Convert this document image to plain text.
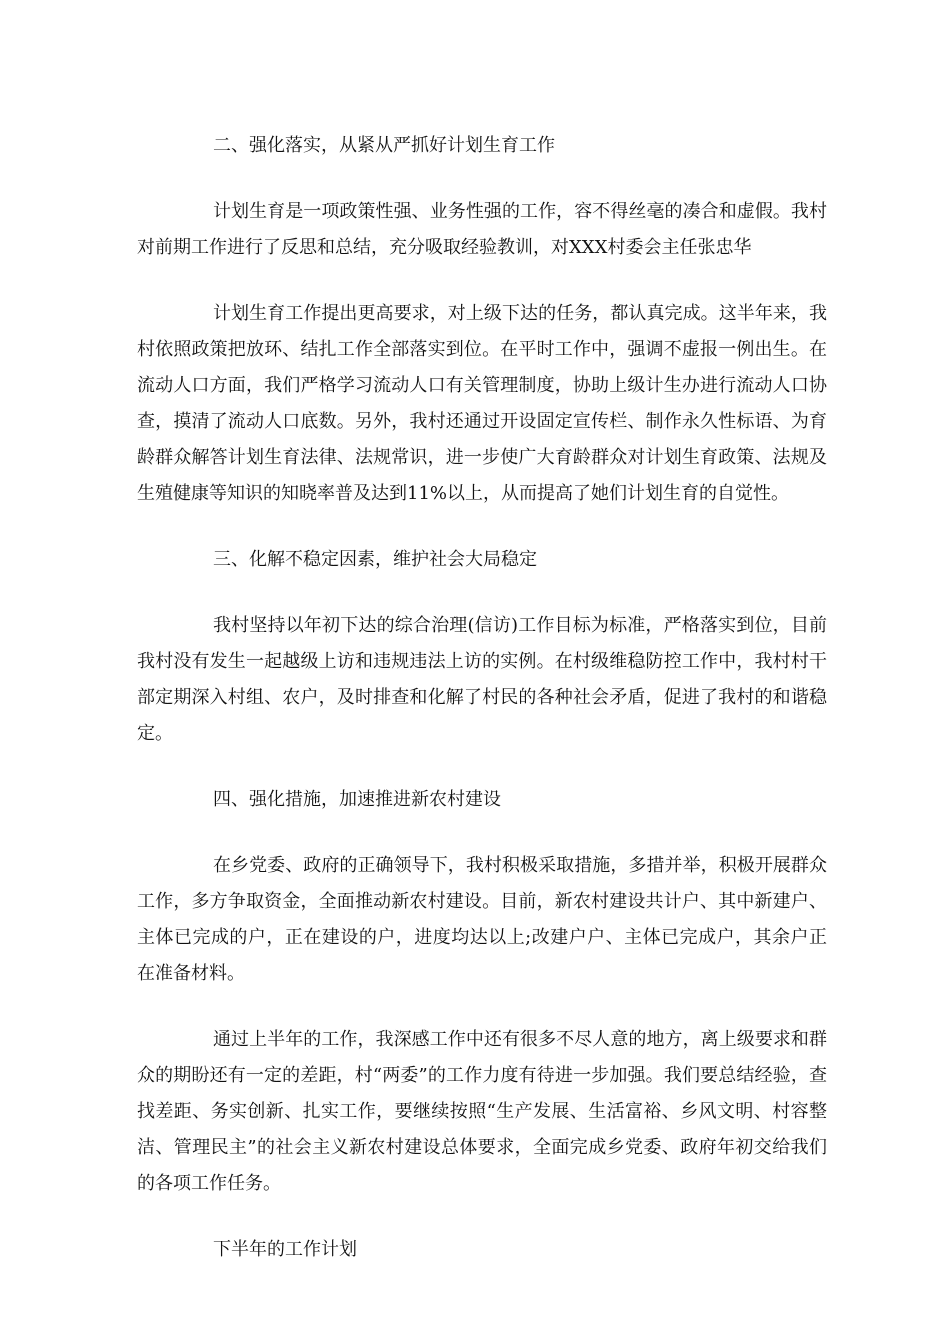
二、强化落实，从紧从严抓好计划生育工作

计划生育是一项政策性强、业务性强的工作，容不得丝毫的凑合和虚假。我村对前期工作进行了反思和总结，充分吸取经验教训，对XXX村委会主任张忠华

计划生育工作提出更高要求，对上级下达的任务，都认真完成。这半年来，我村依照政策把放环、结扎工作全部落实到位。在平时工作中，强调不虚报一例出生。在流动人口方面，我们严格学习流动人口有关管理制度，协助上级计生办进行流动人口协查，摸清了流动人口底数。另外，我村还通过开设固定宣传栏、制作永久性标语、为育龄群众解答计划生育法律、法规常识，进一步使广大育龄群众对计划生育政策、法规及生殖健康等知识的知晓率普及达到11%以上，从而提高了她们计划生育的自觉性。

三、化解不稳定因素，维护社会大局稳定

我村坚持以年初下达的综合治理(信访)工作目标为标准，严格落实到位，目前我村没有发生一起越级上访和违规违法上访的实例。在村级维稳防控工作中，我村村干部定期深入村组、农户，及时排查和化解了村民的各种社会矛盾，促进了我村的和谐稳定。

四、强化措施，加速推进新农村建设

在乡党委、政府的正确领导下，我村积极采取措施，多措并举，积极开展群众工作，多方争取资金，全面推动新农村建设。目前，新农村建设共计户、其中新建户、主体已完成的户，正在建设的户，进度均达以上;改建户户、主体已完成户，其余户正在准备材料。

通过上半年的工作，我深感工作中还有很多不尽人意的地方，离上级要求和群众的期盼还有一定的差距，村“两委”的工作力度有待进一步加强。我们要总结经验，查找差距、务实创新、扎实工作，要继续按照“生产发展、生活富裕、乡风文明、村容整洁、管理民主”的社会主义新农村建设总体要求，全面完成乡党委、政府年初交给我们的各项工作任务。

下半年的工作计划
